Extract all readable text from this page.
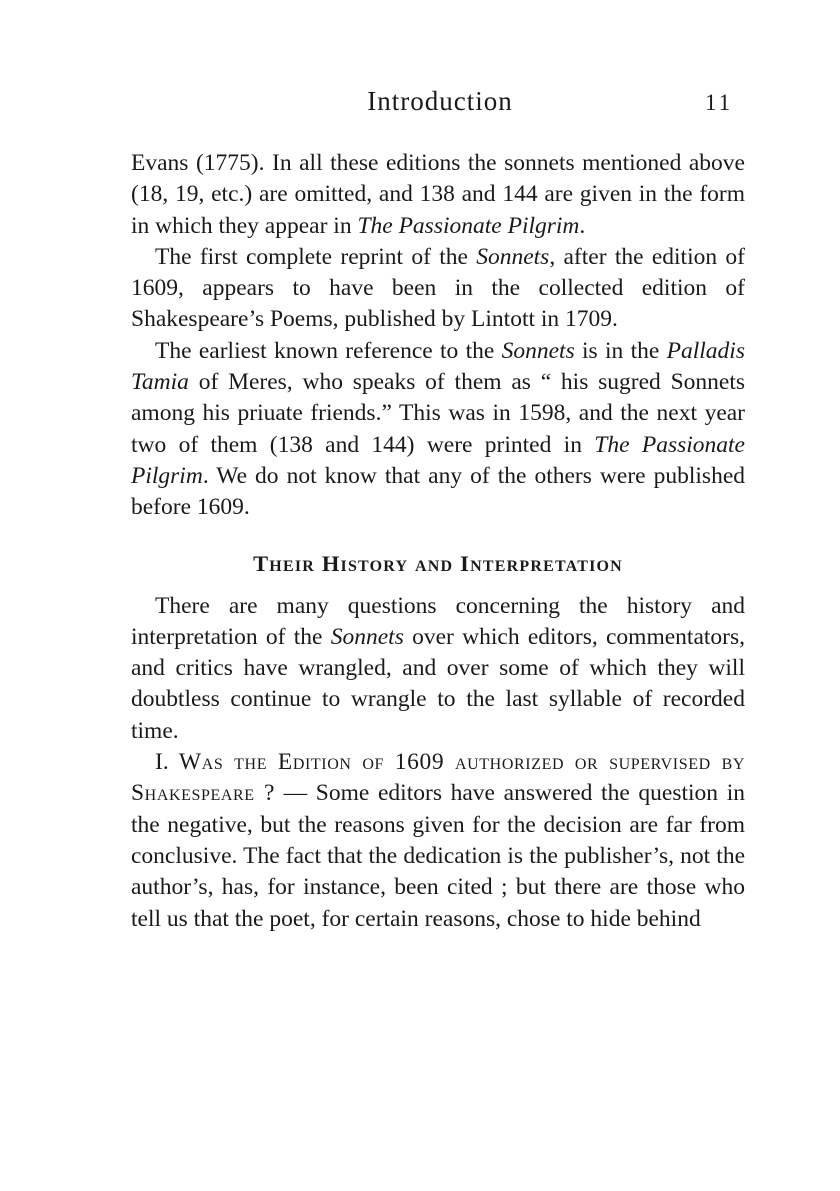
Introduction	11

Evans (1775). In all these editions the sonnets mentioned above (18, 19, etc.) are omitted, and 138 and 144 are given in the form in which they appear in The Passionate Pilgrim.

The first complete reprint of the Sonnets, after the edition of 1609, appears to have been in the collected edition of Shakespeare’s Poems, published by Lintott in 1709.

The earliest known reference to the Sonnets is in the Palladis Tamia of Meres, who speaks of them as “ his sugred Sonnets among his priuate friends.” This was in 1598, and the next year two of them (138 and 144) were printed in The Passionate Pilgrim. We do not know that any of the others were published before 1609.

Their History and Interpretation

There are many questions concerning the history and interpretation of the Sonnets over which editors, commentators, and critics have wrangled, and over some of which they will doubtless continue to wrangle to the last syllable of recorded time.

I. Was the Edition of 1609 authorized or supervised by Shakespeare ? — Some editors have answered the question in the negative, but the reasons given for the decision are far from conclusive. The fact that the dedication is the publisher’s, not the author’s, has, for instance, been cited ; but there are those who tell us that the poet, for certain reasons, chose to hide behind
